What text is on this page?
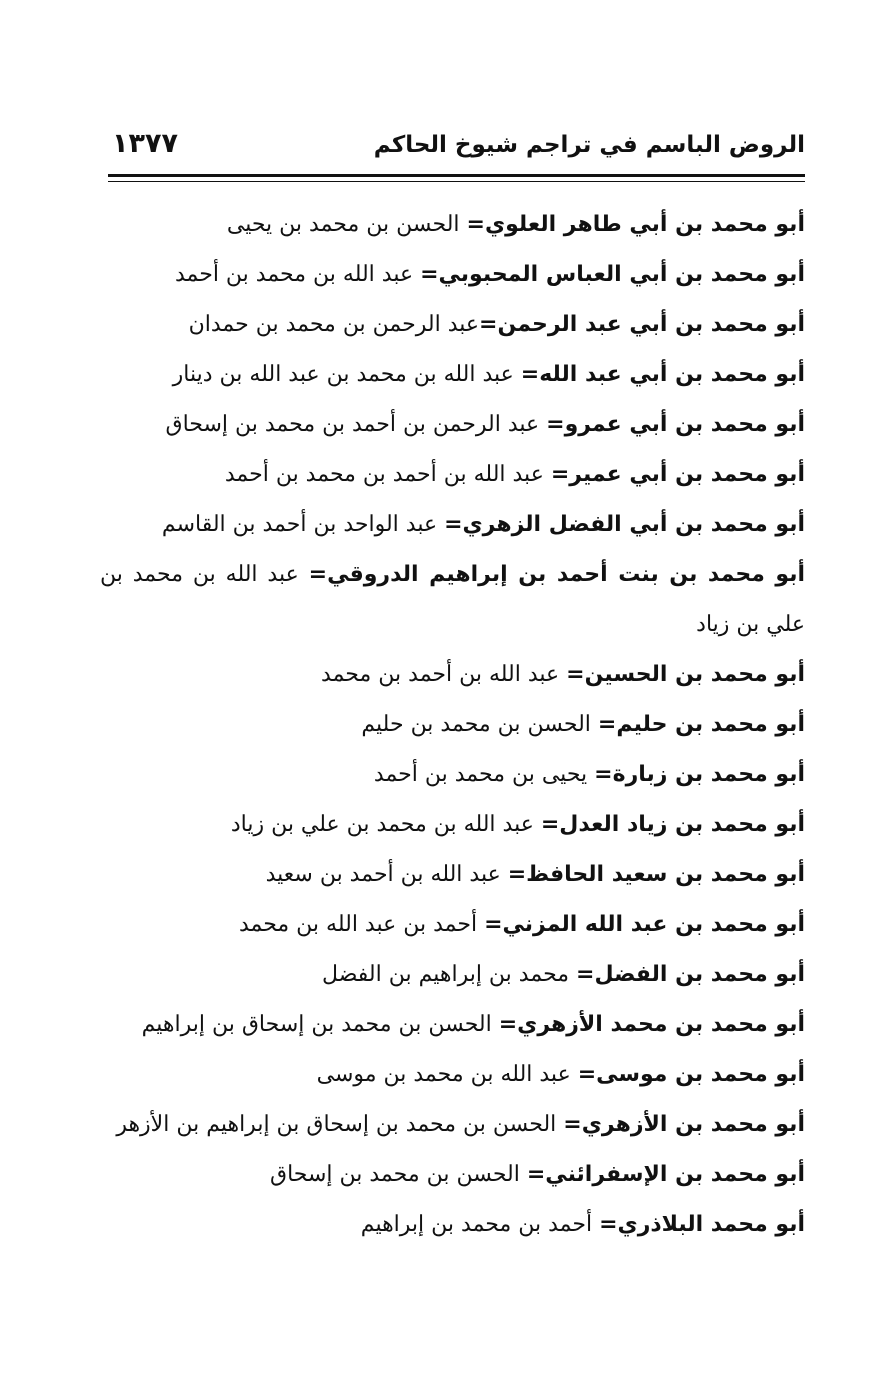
الروض الباسم في تراجم شيوخ الحاكم
١٣٧٧

أبو محمد بن أبي طاهر العلوي= الحسن بن محمد بن يحيى

أبو محمد بن أبي العباس المحبوبي= عبد الله بن محمد بن أحمد

أبو محمد بن أبي عبد الرحمن=عبد الرحمن بن محمد بن حمدان

أبو محمد بن أبي عبد الله= عبد الله بن محمد بن عبد الله بن دينار

أبو محمد بن أبي عمرو= عبد الرحمن بن أحمد بن محمد بن إسحاق

أبو محمد بن أبي عمير= عبد الله بن أحمد بن محمد بن أحمد

أبو محمد بن أبي الفضل الزهري= عبد الواحد بن أحمد بن القاسم

أبو محمد بن بنت أحمد بن إبراهيم الدروقي= عبد الله بن محمد بن علي بن زياد

أبو محمد بن الحسين= عبد الله بن أحمد بن محمد

أبو محمد بن حليم= الحسن بن محمد بن حليم

أبو محمد بن زبارة= يحيى بن محمد بن أحمد

أبو محمد بن زياد العدل= عبد الله بن محمد بن علي بن زياد

أبو محمد بن سعيد الحافظ= عبد الله بن أحمد بن سعيد

أبو محمد بن عبد الله المزني= أحمد بن عبد الله بن محمد

أبو محمد بن الفضل= محمد بن إبراهيم بن الفضل

أبو محمد بن محمد الأزهري= الحسن بن محمد بن إسحاق بن إبراهيم

أبو محمد بن موسى= عبد الله بن محمد بن موسى

أبو محمد بن الأزهري= الحسن بن محمد بن إسحاق بن إبراهيم بن الأزهر

أبو محمد بن الإسفرائني= الحسن بن محمد بن إسحاق

أبو محمد البلاذري= أحمد بن محمد بن إبراهيم
